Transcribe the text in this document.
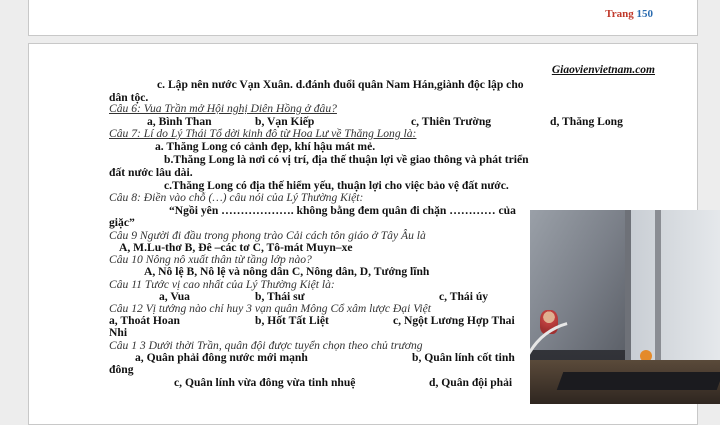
Trang 150
Giaovienvietnam.com
c. Lập nên nước Vạn Xuân. d.đánh đuổi quân Nam Hán,giành độc lập cho
dân tộc.
Câu 6: Vua Trần mở Hội nghị Diên Hồng ở đâu?
a, Bình Than	b, Vạn Kiếp	c, Thiên Trường	d, Thăng Long
Câu 7: Lí do Lý Thái Tổ dời kinh đô từ Hoa Lư về Thăng Long là:
a. Thăng Long có cảnh đẹp, khí hậu mát mẻ.
b.Thăng Long là nơi có vị trí, địa thế thuận lợi về giao thông và phát triển
đất nước lâu dài.
c.Thăng Long có địa thế hiểm yếu, thuận lợi cho việc bảo vệ đất nước.
Câu 8: Điền vào chỗ (…) câu nói của Lý Thường Kiệt:
“Ngồi yên ………………. không bằng đem quân đi chặn ………… của
giặc”
Câu 9 Người đi đầu trong phong trào Cải cách tôn giáo ở Tây Âu là
A, M.Lu-thơ B, Đê –các tơ C, Tô-mát Muyn–xe
Câu 10 Nông nô xuất thân từ tầng lớp nào?
A, Nô lệ B, Nô lệ và nông dân C, Nông dân, D, Tướng lĩnh
Câu 11 Tước vị cao nhất của Lý Thường Kiệt là:
a, Vua	b, Thái sư	c, Thái úy
Câu 12 Vị tướng nào chỉ huy 3 vạn quân Mông Cổ xâm lược Đại Việt
a, Thoát Hoan	b, Hốt Tất Liệt	c, Ngột Lương Hợp Thai
Nhi
Câu 1 3 Dưới thời Trần, quân đội được tuyển chọn theo chủ trương
a, Quân phải đông nước mới mạnh	b, Quân lính cốt tinh
đông
c, Quân lính vừa đông vừa tinh nhuệ	d, Quân đội phải
